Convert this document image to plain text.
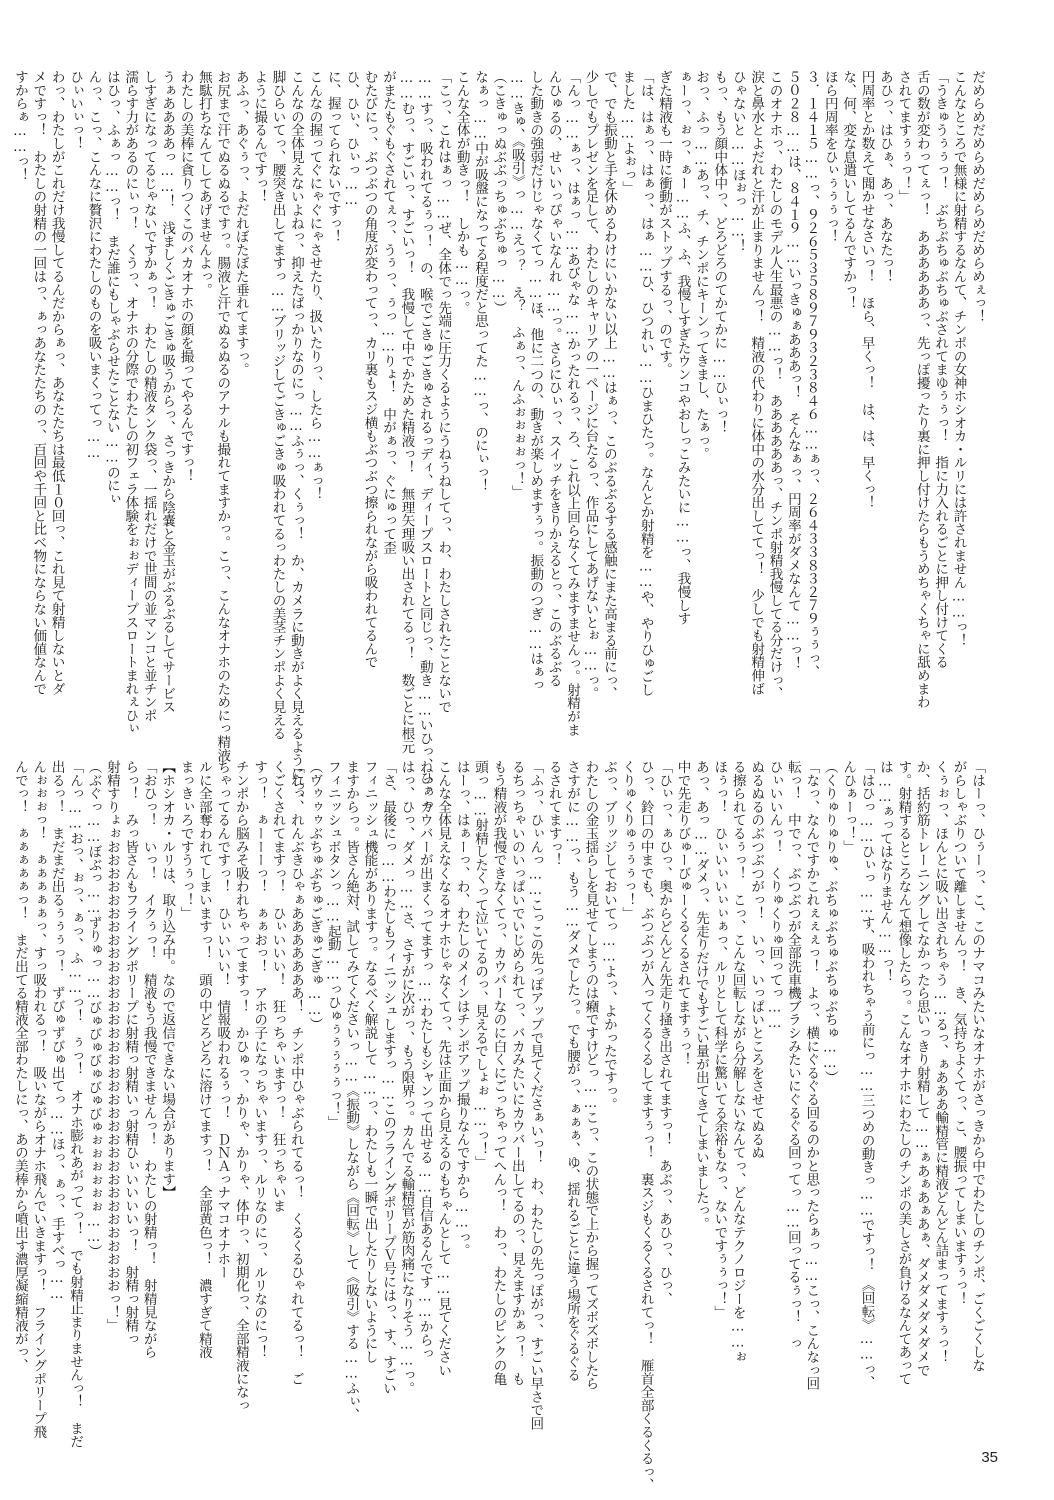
だめらめだめらめだめらめだめらめぇっ！
こんなところで無様に射精するなんて、チンポの女神ホシオカ・ルリには許されません……っ！
「うきゅうぅぅっ！　ぶちぶちゅぶちゅぶされてまゆぅぅっ！　指に力入れるごとに押し付けてくる
舌の数が変わってぇっ！　ああああああっ、先っぽ擾ったり裏に押し付けたらもうめちゃくちゃに舐めまわ
されてますぅぅっ！」
あひっ、はひぁ、あっ、あなたっ！
円周率とか数えて聞かせなさいっ！　ほら、早くっ！　は、は、早くっ！
な、何、変な息遣いしてるんですかっ！
ほら円周率をひぃぅぅぅっ！
３．１４１５……っ、９２６５３５８９７９３２３８４６……ぁっ、２６４３３８３２７９ぅぅっ、
５０２８……は、８４１９……いっきゅぁあああっ！　そんなぁっ、円周率がダメなんて……っ！
このオナホっ、わたしのモデル人生最悪の……っ！　ああああああっ、チンポ射精我慢してる分だけっ、
涙と鼻水とよだれと汗が止まりませんっ！　精液の代わりに体中の水分出しててっ！　少しでも射精伸ば
ひゃないと……ほぉっ……！
もっ、もう顔中体中っ、どろどろのてかてかに……ひぃっ！
おっ、ふっ……あっ、チ、チンポにキーンってきまし、たぁっ。
ぁーっ、ぉっ、ぁー……ふ、ふ、我慢しすぎたウンコやおしっこみたいに……っ、我慢しす
ぎた精液も一時に衝動がストップするっ、のです。
「は、はぁっ、はぁっ、はぁ……ひ、ひつれい……ひまひたっ。なんとか射精を……や、やりひゅごし
ました……よぉっ」
で、でも振動と手を休めるわけにいかない以上……はぁっ、このぶるぶるする感触にまた高まる前にっ、
少しでもプレゼンを足して、わたしのキャリアの一ページに台たるっ、作品にしてあげないとぉ……っ。
「んっ……ぁっ、はぁっ……あびゃな……かったれるっ、ろ、これ以上回らなくてみますませんっ。射精がま
んひゅるの、せいいっぴゃいなんれ……っ。さらにひぃっ、スイッチをきりかえるとっ、このぶるぶる
した動きの強弱だけじゃなくてっ……ほ、他に二つの、動きが楽しめますぅっ。振動のつぎ……はぁっ
……きゅ、《吸引》っ……えっ？　え？　ふぁっ、んふぉぉぉぉっ！」
（こきゅっぬぶぶっちゅぶちゅっ……）
なぁっ……中が吸盤になってる程度だと思ってた……っ、のにぃっ！
こんな全体が動きっ！　しかも……っ。
「こっ、これはぁっ……ぜ、全体でっ先端に圧力くるようにうねうねしてっ、わ、わたしされたことないで
……すっ、吸われてるぅっ！　の、喉でごきゅごきゅされるっディ、ディープスロートと同じっ、動き……いひっ、ひぁっ
……むっ、すごいっ、すごいっ！　我慢して中でかためた精液っ！　無理矢理吸い出されてるっ！　数ごとに根元
がまたもぐもぐされてぇっ、うぅっ、ぅっ……りょ！　中がぁっ、ぐにゅって歪
むたびにっ、ぶつぶつの角度が変わってっ、カリ裏もスジ横もぶつぶつ擦られながら吸われてるんで
ひ、ひぃ、ひぃっ……
に、握ってられないですっ！
こんなの握ってぐにゃぐにゃさせたり、扱いたりっ、したら……ぁっ！
こんなの全体見えないよねっ、抑えたばっかりなのにっ……ふぅっ、くぅっ！　か、カメラに動きがよく見えるようにっ、
脚ひらいてっ、腰突き出してますっ……ブリッジしてごきゅごきゅ吸われてるっわたしの美茎チンポよく見える
ように撮るんですっ！
あふっ、あぐぅっ、よだれぼたぼた垂れてますっ。
お尻まで汗でぬるぬるですっ。腸液と汗でぬるぬるのアナルも撮れてますかっ。こっ、こんなオナホのためにっ精液
無駄打ちなんてしてあげませんよっ。
わたしの美棒に貪りつくこのバカオナホの顔を撮ってやるんですっ！
うぁああああっ……！　浅ましくごきゅごきゅ吸うからっ、さっきから陰嚢と金玉がぶるぶるしてサービス
しすぎになってるじゃないですかぁっ！　わたしの精液タンク袋っ、一揺れだけで世間の並マンコと並チンポ
濡らす力があるのにぃっ！　くうっ、オナホの分際でわたしの初フェラ体験をぉぉディープスロートまれぇひぃ
はひっ、ふぁっ……っ！　まだ誰にもしゃぶらせたことない……のにぃ
んっ、こっ、こんなに贅沢にわたしのものを吸いまくってっ……
ひぃいぃっ！
わっ、わたしがこれだけ我慢してるんだからぁっ、あなたたちは最低１０回っ、これ見て射精しないとダ
メですっ！　わたしの射精の一回はっ、ぁっあなたたちのっ、百回や千回と比べ物にならない価値なんで
すからぁ……っ！
「はーっ、ひぅーっ、こ、このナマコみたいなオナホがさっきから中でわたしのチンポ、ごくごくしな
がらしゃぶりついて離しませんっ！　き、気持ちよくてっ、こ、腰振ってしまいますぅっ！
くぅぉっ、ほんとに吸い出されちゃう……るっ、ぁあああ輸精管に精液どんどん詰まってますぅっ！
か、括約筋トレーニングしてなかったら思いっきり射精して……ぁあぁあぁあぁ、ダメダメダメダメで
す。射精するところなんて想像したらっ。こんなオナホにわたしのチンポの美しさが負けるなんてあって
は……ぁってはなりません……っ！
「はひっ……ひぃっ……す、吸われちゃう前にっ……三つめの動きっ……ですっ！　《回転》……っ、
んひぁーっ！」
（くりゅりゅりゅ、ぶちゅぶちゅぶちゅぶちゅ……）
「なっ、なんですかこれぇぇぇっ！　よっ、横にぐるぐる回るのかと思ったらぁっ……こっ、こんなっ回
転っ！　中でっ、ぶつぶつが全部洗車機ブラシみたいにぐるぐる回ってっ……回ってるぅっ！　っ
ひぃいいんっ！　くりゅくりゅ回ってっ……
ぬるぬるのぶつぶつがっ！　いっ、いっぱいところをさせてぬるぬ
る擦られてるぅっ！　こっ、こんな回転しながら分解しないなんてっ、どんなテクノロジーを……ぉ
ほぅっ！　ひぃいぃいぃぃぁっ、ルリとして科学に驚いてる余裕もなっ、ないですぅぅっ！」
あっ、あっ……ダメっ、先走りだけでもすごい量が出てきてしまいましたっ。
中で先走りびゅーびゅーくるくるされてますぅっ！
「ひぃっ、ぁひっ、奥からどんどん先走り掻き出されてますっ！　あぶっ、あひっ、ひっ、
ひっ、鈴口の中までも、ぶつぶつが入ってくるくるしてますぅっ！　裏スジもくるくるされてっ！　雁首全部くるくるっ、
くりゅくりゅぅぅぅっ！」
ぶっ、ブリッジしておいてっ……よっ、よかったですっ。
わたしの金玉揺らしを見せてしまうのは癪ですけどっ……こっ、この状態で上から握ってズボズボしたら
さすがに……っ、もう……ダメでしたっ。でも腰がっ、ぁぁぁ、ゆ、揺れるごとに違う場所をぐるぐる
るされてますっ！
「ふっ、ひぃんっ……こっこの先っぽアップで見てくださぁいっ！　わ、わたしの先っぽがっ、すごい早さで回
るちっちゃいのいっぱいでいじめられてっ、バカみたいにカウバー出してるのっ、見えますかぁっ！　も
もう精液が我慢できなくてっ、カウバーなのに白くにごっちゃってへんっ！　わっ、わたしのピンクの亀
頭っ……射精したくって泣いてるのっ、見えるでしょぉ……っ！」
はーっ、はぁーっ、わ、わたしのメインはチンポアップ撮りなんですから……っ。
こんな全体見えなくなるオナホじゃなくてっ、先は正面から見えるのもちゃんとして……見てください
ねっ、カウバーが出まくってますっ……わたしもシャンって出せる……自信あるんです……からっ
はっ、ひっ、ダメっ……さ、さすがに次がっ、もう限界っ。カんでる輸精管が筋肉痛になりそう……っ。
「さ、最後にっ……わたしもフィニッシュしますっ……このフライングポリープＶ号にはっ、す、すごい
フィニッシュ機能がありますっ。なるべく解説して……っ、わたしも一瞬で出したりしないようにし
ますからっ。皆さん絶対、試してみてくださいっ……《振動》しながら《回転》して《吸引》する……ふぃ、
フィニッシュボタンっ……起動……っひゅぅぅぅぅぅっ！」
（ヴゥゥゥぶちゅぶちゅごぎゅごぎゅ……）
「れっ、れんぶきひゃぁあああああああ！　チンポ中ひゃぶられてるっ！　くるくるひゃれてるっ！　ご
くごくされてますっ！　ひぃいいい！　狂っちゃいますっ！　狂っちゃいま
すっ！　ぁーーーっ！　ぁぁおっ！　アホの子になっちゃいますっ、ルリなのにっ、ルリなのにっ！
チンポから脳みそ吸われちゃってますっ！　かひゅっ、かりゃ、かりゃ、体中っ、初期化っ、全部精液になっ
ちゃってるんですっ！　ひぃいいい！　情報吸われるぅっ！　ＤＮＡっナマコオナホー
ルに全部奪われてしまいますっ！　頭の中どろどろに溶けてますっ！　全部黄色っ！　濃すぎて精液
まっきぃろですうぅっ！」
【ホシオカ・ルリは、取り込み中。なので返信できない場合があります】
「おひっ！　いっ！　イクぅっ！　精液もう我慢できませんっ！　わたしの射精っ！　射精見ながら
らっ！　みっ皆さんもフライングポリープに射精っ射精いっ射精ひぃいいいいっ！　射精っ射精っ
射精すりょぉおおおおおおおおおおおおおおおおおおおおおおおおおおおおおおおおおおっ！」
（ぶぐっ……ぼぶっ……ずりゅっ……びゅびゅびゅびゅびゅぉぉぉぉぉぉ……）
「んっ……おっ、ぉっ、ぁっ、ふ……っ！　ぅっ！　オナホ膨れあがってっ！　でも射精止まりませんっ！　まだ
出るっ！　まだまだ出るぅぅぅっ！　ずびゅずびゅ出てっ……ほっ、ぁっ、手すべっ……
んぉぉぉっ！　ぁぁぁぁぁっ、すっ吸われるっ！　吸いながらオナホ飛んでいきますっ！　フライングポリープ飛
んでっ！　ぁぁぁぁぁっ！　まだ出てる精液全部わたしにっ、あの美棒から噴出す濃厚凝縮精液がっ、
35
